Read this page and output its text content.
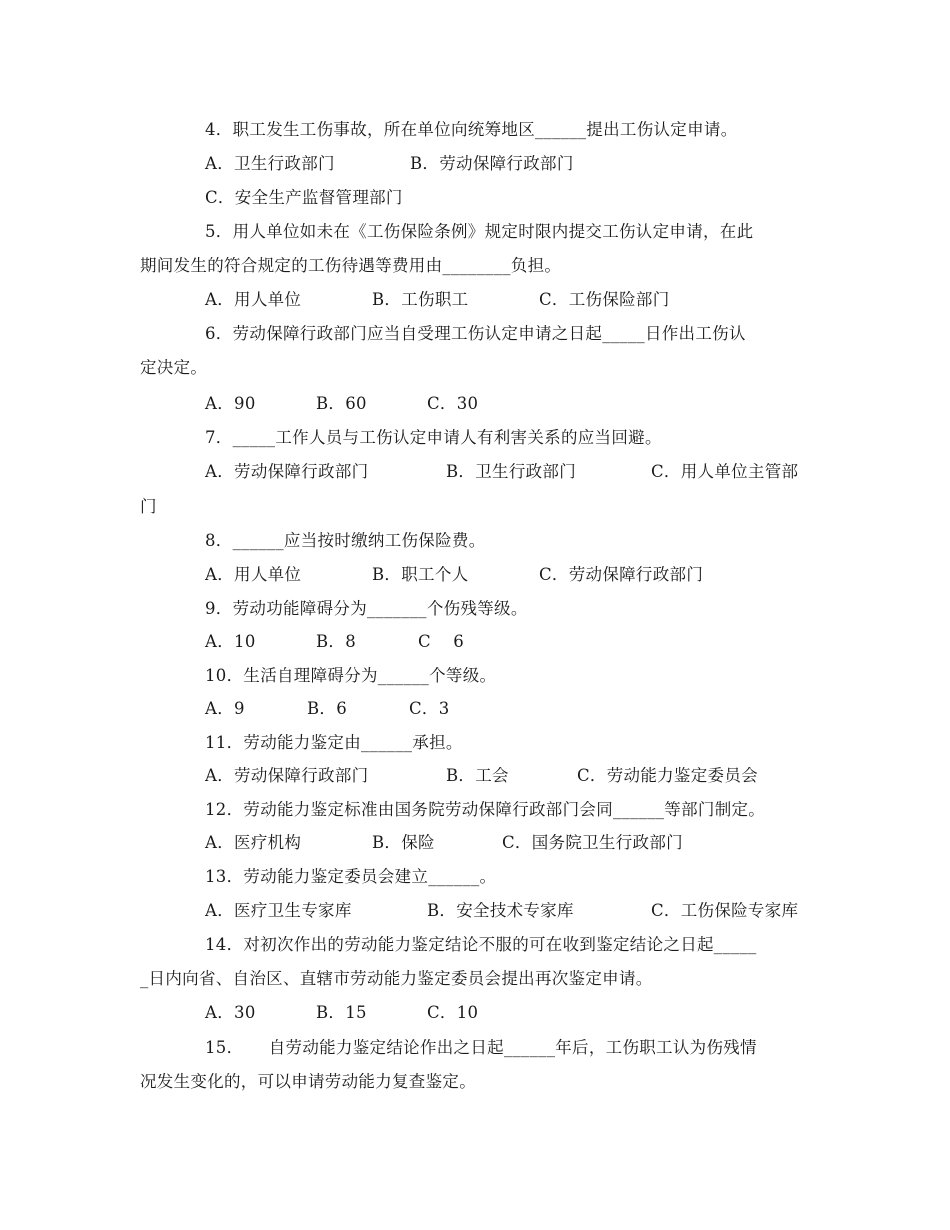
4．职工发生工伤事故，所在单位向统筹地区______提出工伤认定申请。

A．卫生行政部门

	B．劳动保障行政部门

C．安全生产监督管理部门

5．用人单位如未在《工伤保险条例》规定时限内提交工伤认定申请，在此
期间发生的符合规定的工伤待遇等费用由________负担。

A．用人单位

	B．工伤职工

	C．工伤保险部门

6．劳动保障行政部门应当自受理工伤认定申请之日起_____日作出工伤认
定决定。

A．90

	B．60

	C．30

7．_____工作人员与工伤认定申请人有利害关系的应当回避。

A．劳动保障行政部门

	B．卫生行政部门

	C．用人单位主管部

门
8．______应当按时缴纳工伤保险费。

A．用人单位

	B．职工个人

	C．劳动保障行政部门

9．劳动功能障碍分为_______个伤残等级。

A．10

	B．8

	C　 6

10．生活自理障碍分为______个等级。

A．9

	B．6

	C．3

11．劳动能力鉴定由______承担。

A．劳动保障行政部门

	B．工会

	C．劳动能力鉴定委员会

12．劳动能力鉴定标准由国务院劳动保障行政部门会同______等部门制定。

A．医疗机构

	B．保险

	C．国务院卫生行政部门

13．劳动能力鉴定委员会建立______。

A．医疗卫生专家库

	B．安全技术专家库

	C．工伤保险专家库

14．对初次作出的劳动能力鉴定结论不服的可在收到鉴定结论之日起_____
_日内向省、自治区、直辖市劳动能力鉴定委员会提出再次鉴定申请。

A．30

	B．15

	C．10

15．　　自劳动能力鉴定结论作出之日起______年后，工伤职工认为伤残情
况发生变化的，可以申请劳动能力复查鉴定。
